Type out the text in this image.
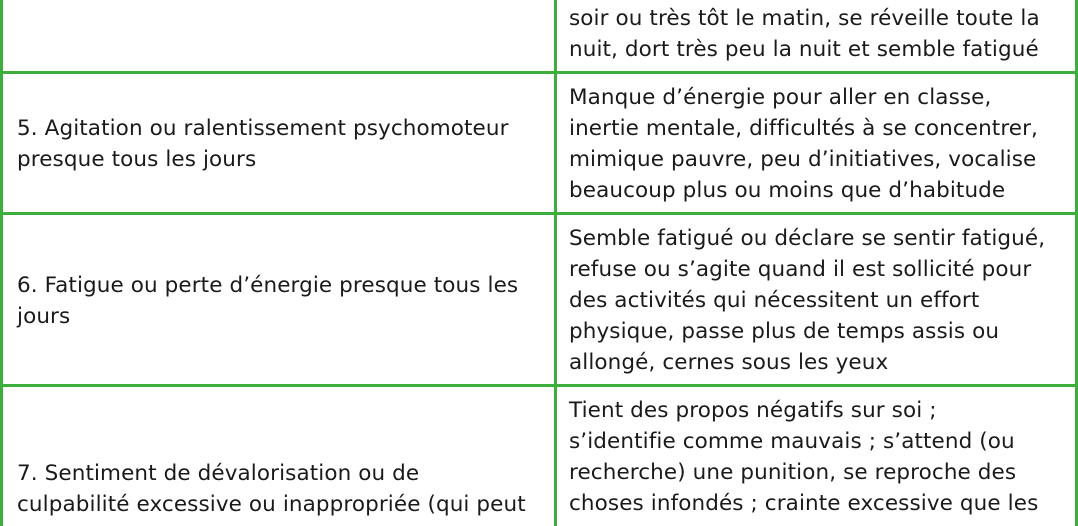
soir ou très tôt le matin, se réveille toute la
nuit, dort très peu la nuit et semble fatigué
5. Agitation ou ralentissement psychomoteur
presque tous les jours
Manque d’énergie pour aller en classe,
inertie mentale, difficultés à se concentrer,
mimique pauvre, peu d’initiatives, vocalise
beaucoup plus ou moins que d’habitude
6. Fatigue ou perte d’énergie presque tous les
jours
Semble fatigué ou déclare se sentir fatigué,
refuse ou s’agite quand il est sollicité pour
des activités qui nécessitent un effort
physique, passe plus de temps assis ou
allongé, cernes sous les yeux
7. Sentiment de dévalorisation ou de
culpabilité excessive ou inappropriée (qui peut
Tient des propos négatifs sur soi ;
s’identifie comme mauvais ; s’attend (ou
recherche) une punition, se reproche des
choses infondés ; crainte excessive que les
